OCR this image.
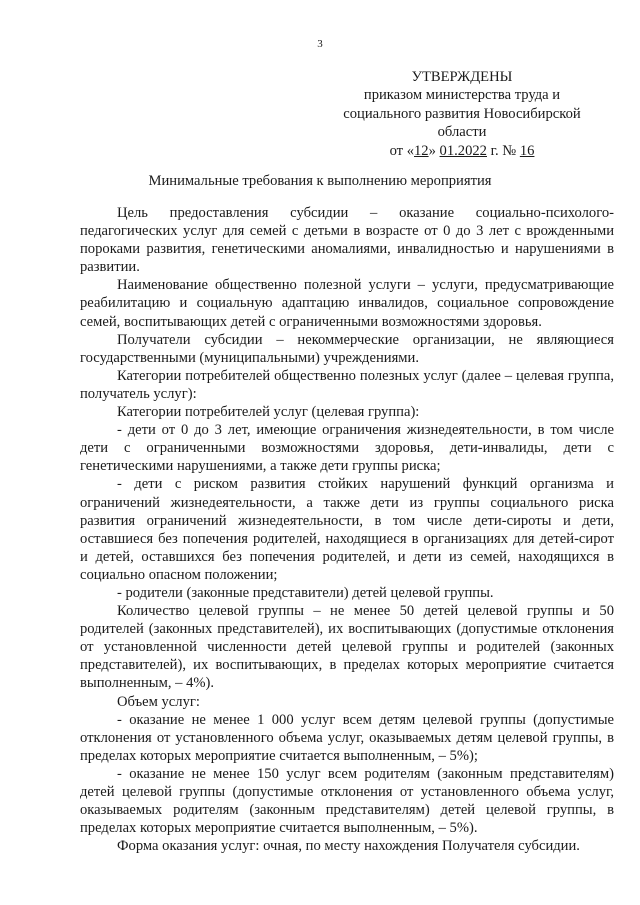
3
УТВЕРЖДЕНЫ
приказом министерства труда и
социального развития Новосибирской
области
от «12» 01.2022 г. № 16
Минимальные требования к выполнению мероприятия

Цель предоставления субсидии – оказание социально-психолого-педагогических услуг для семей с детьми в возрасте от 0 до 3 лет с врожденными пороками развития, генетическими аномалиями, инвалидностью и нарушениями в развитии.

Наименование общественно полезной услуги – услуги, предусматривающие реабилитацию и социальную адаптацию инвалидов, социальное сопровождение семей, воспитывающих детей с ограниченными возможностями здоровья.

Получатели субсидии – некоммерческие организации, не являющиеся государственными (муниципальными) учреждениями.

Категории потребителей общественно полезных услуг (далее – целевая группа, получатель услуг):

Категории потребителей услуг (целевая группа):

- дети от 0 до 3 лет, имеющие ограничения жизнедеятельности, в том числе дети с ограниченными возможностями здоровья, дети-инвалиды, дети с генетическими нарушениями, а также дети группы риска;

- дети с риском развития стойких нарушений функций организма и ограничений жизнедеятельности, а также дети из группы социального риска развития ограничений жизнедеятельности, в том числе дети-сироты и дети, оставшиеся без попечения родителей, находящиеся в организациях для детей-сирот и детей, оставшихся без попечения родителей, и дети из семей, находящихся в социально опасном положении;

- родители (законные представители) детей целевой группы.

Количество целевой группы – не менее 50 детей целевой группы и 50 родителей (законных представителей), их воспитывающих (допустимые отклонения от установленной численности детей целевой группы и родителей (законных представителей), их воспитывающих, в пределах которых мероприятие считается выполненным, – 4%).

Объем услуг:

- оказание не менее 1 000 услуг всем детям целевой группы (допустимые отклонения от установленного объема услуг, оказываемых детям целевой группы, в пределах которых мероприятие считается выполненным, – 5%);

- оказание не менее 150 услуг всем родителям (законным представителям) детей целевой группы (допустимые отклонения от установленного объема услуг, оказываемых родителям (законным представителям) детей целевой группы, в пределах которых мероприятие считается выполненным, – 5%).

Форма оказания услуг: очная, по месту нахождения Получателя субсидии.
